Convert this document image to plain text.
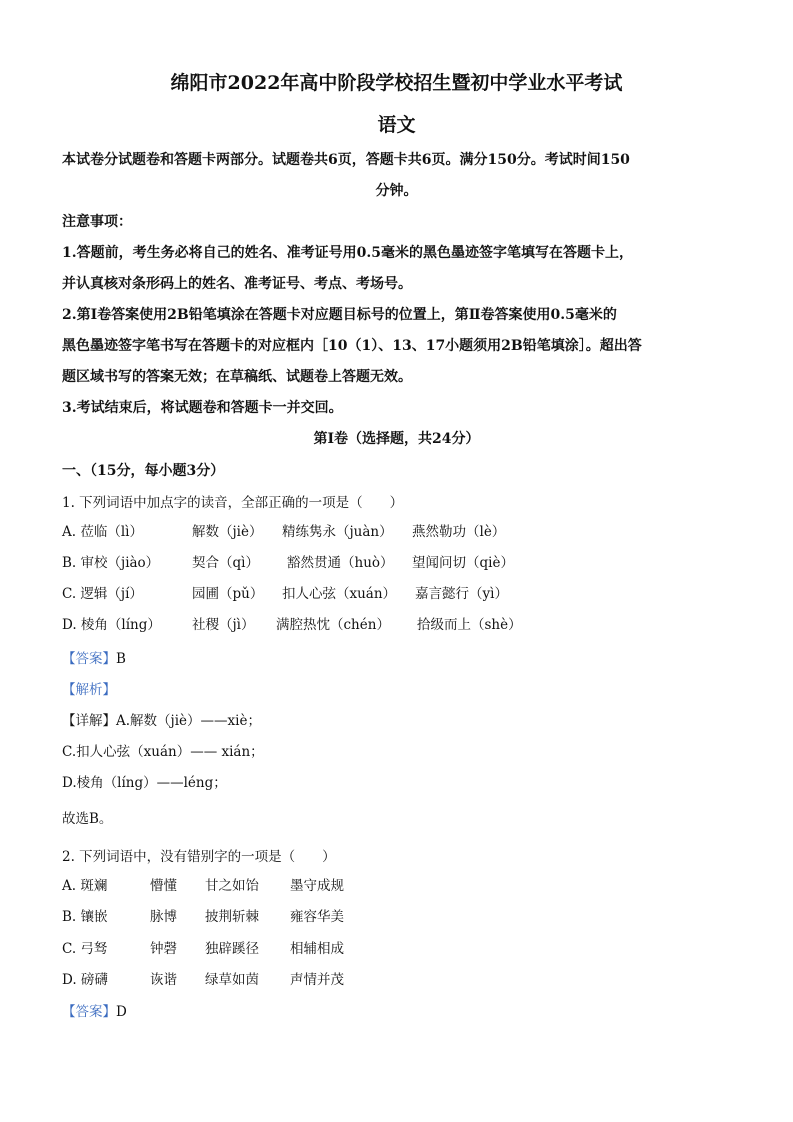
绵阳市2022年高中阶段学校招生暨初中学业水平考试
语文
本试卷分试题卷和答题卡两部分。试题卷共6页，答题卡共6页。满分150分。考试时间150
分钟。
注意事项：
1.答题前，考生务必将自己的姓名、准考证号用0.5毫米的黑色墨迹签字笔填写在答题卡上，
并认真核对条形码上的姓名、准考证号、考点、考场号。
2.第Ⅰ卷答案使用2B铅笔填涂在答题卡对应题目标号的位置上，第Ⅱ卷答案使用0.5毫米的
黑色墨迹签字笔书写在答题卡的对应框内［10（1）、13、17小题须用2B铅笔填涂］。超出答
题区域书写的答案无效；在草稿纸、试题卷上答题无效。
3.考试结束后，将试题卷和答题卡一并交回。
第Ⅰ卷（选择题，共24分）
一、（15分，每小题3分）
1. 下列词语中加点字的读音，全部正确的一项是（　　）
A. 莅临（lì）	解数（jiè） 精练隽永（juàn） 燕然勒功（lè）
B. 审校（jiào） 契合（qì） 豁然贯通（huò） 望闻问切（qiè）
C. 逻辑（jí）	园圃（pǔ） 扣人心弦（xuán） 嘉言懿行（yì）
D. 棱角（líng） 社稷（jì） 满腔热忱（chén） 拾级而上（shè）
【答案】B
【解析】
【详解】A.解数（jiè）——xiè；
C.扣人心弦（xuán）—— xián；
D.棱角（líng）——léng；
故选B。
2. 下列词语中，没有错别字的一项是（　　）
A. 斑斓	懵懂 甘之如饴 墨守成规
B. 镶嵌	脉博 披荆斩棘 雍容华美
C. 弓驽	钟磬 独辟蹊径 相辅相成
D. 磅礴	诙谐 绿草如茵 声情并茂
【答案】D
